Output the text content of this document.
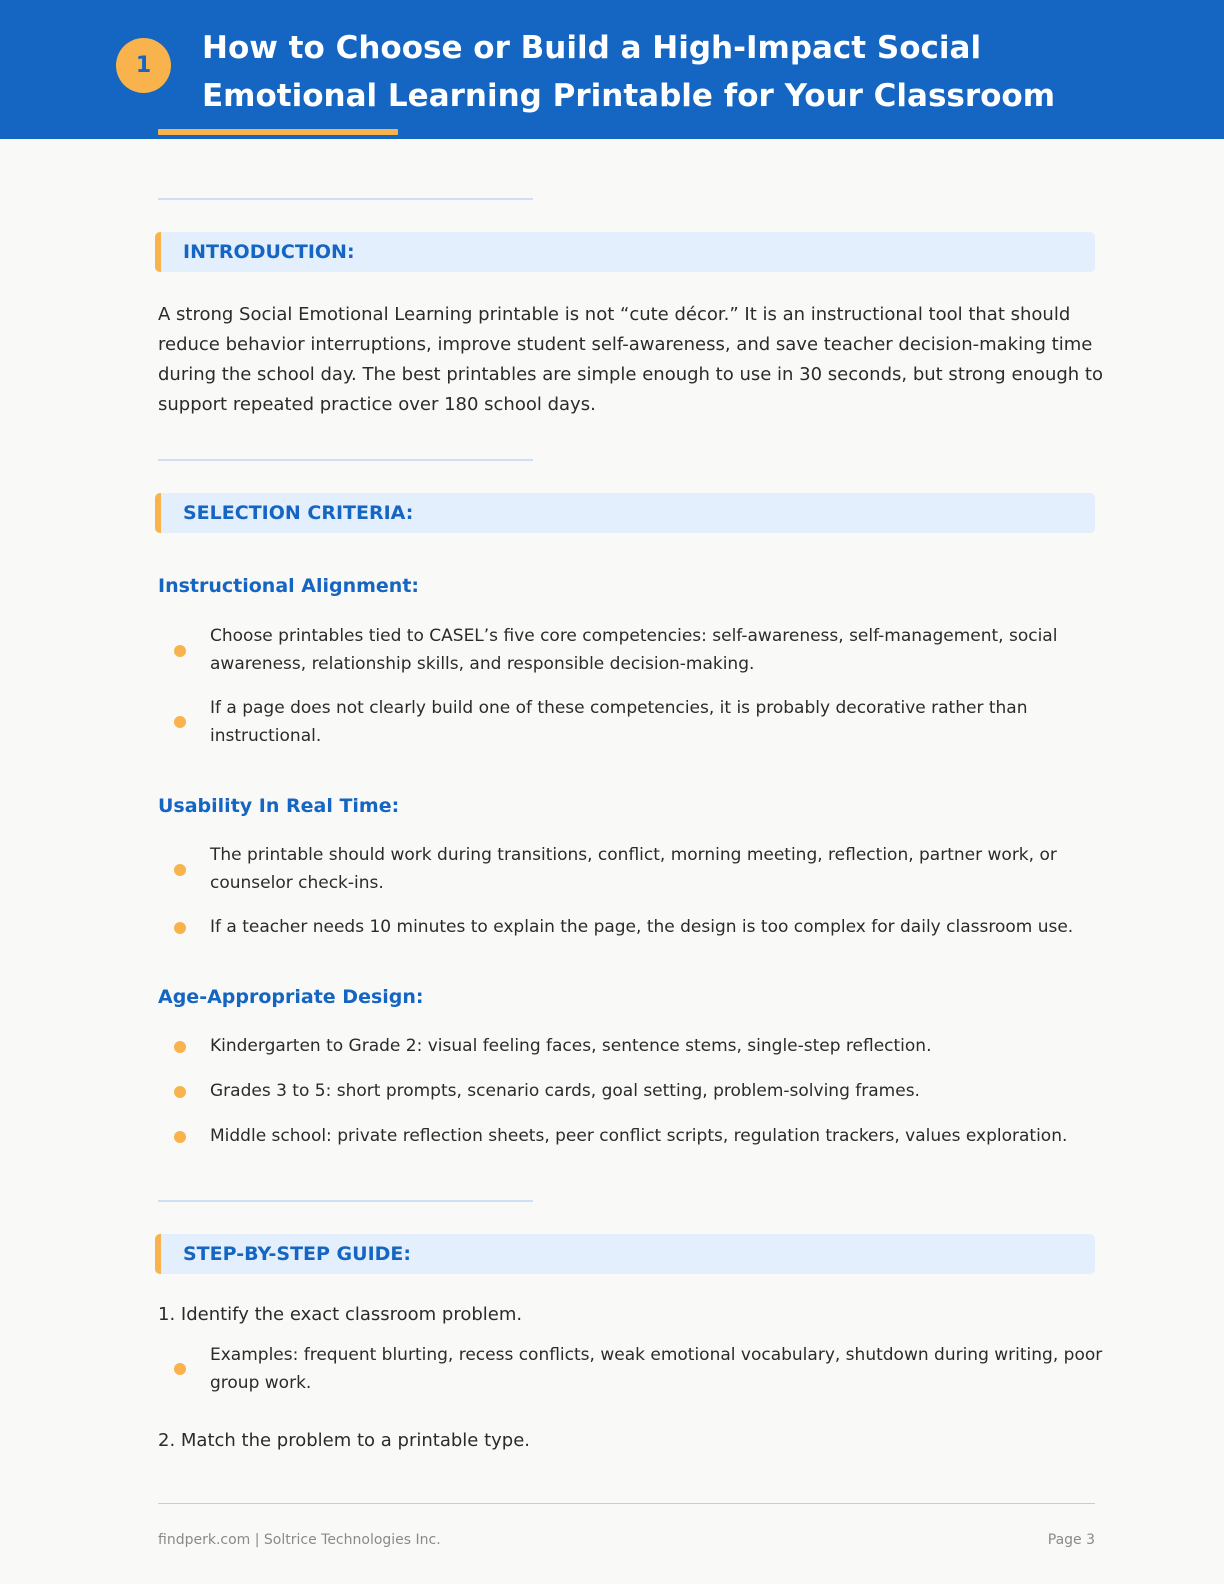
1	How to Choose or Build a High-Impact Social Emotional Learning Printable for Your Classroom
INTRODUCTION:

A strong Social Emotional Learning printable is not “cute décor.” It is an instructional tool that should reduce behavior interruptions, improve student self-awareness, and save teacher decision-making time during the school day. The best printables are simple enough to use in 30 seconds, but strong enough to support repeated practice over 180 school days.

SELECTION CRITERIA:
Instructional Alignment:
Choose printables tied to CASEL’s five core competencies: self-awareness, self-management, social awareness, relationship skills, and responsible decision-making.
If a page does not clearly build one of these competencies, it is probably decorative rather than instructional.
Usability In Real Time:
The printable should work during transitions, conflict, morning meeting, reflection, partner work, or counselor check-ins.
If a teacher needs 10 minutes to explain the page, the design is too complex for daily classroom use.
Age-Appropriate Design:
Kindergarten to Grade 2: visual feeling faces, sentence stems, single-step reflection.
Grades 3 to 5: short prompts, scenario cards, goal setting, problem-solving frames.
Middle school: private reflection sheets, peer conflict scripts, regulation trackers, values exploration.
STEP-BY-STEP GUIDE:
1. Identify the exact classroom problem.
Examples: frequent blurting, recess conflicts, weak emotional vocabulary, shutdown during writing, poor group work.
2. Match the problem to a printable type.
findperk.com | Soltrice Technologies Inc.	Page 3
